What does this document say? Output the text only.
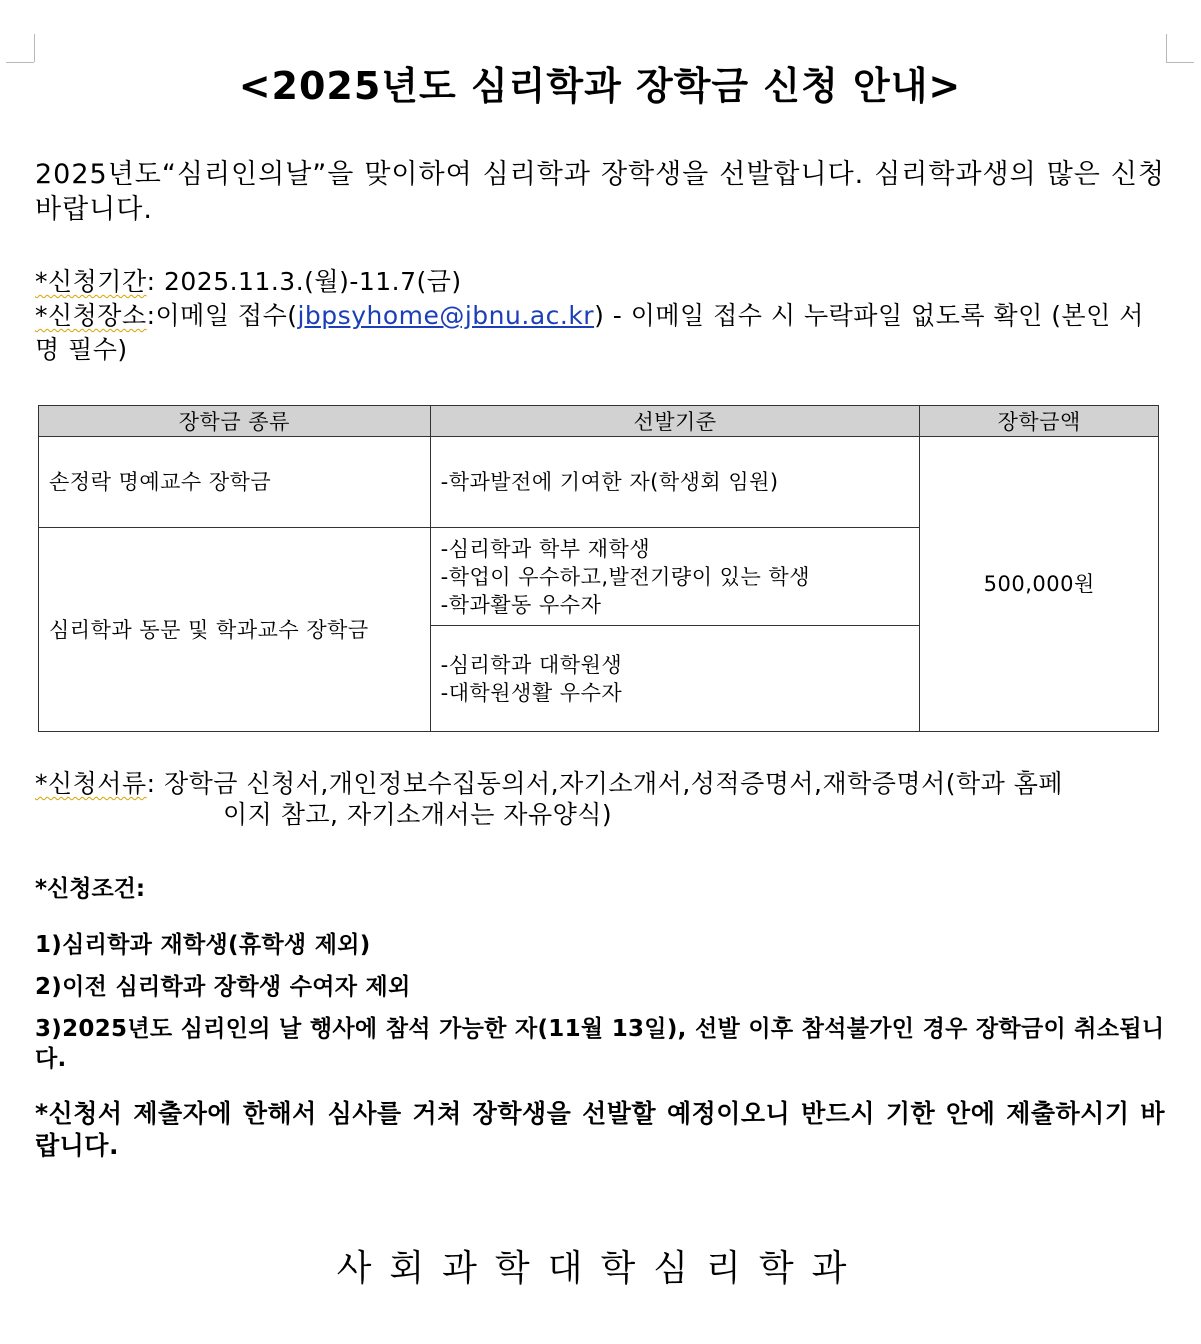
<2025년도 심리학과 장학금 신청 안내>
2025년도“심리인의날”을 맞이하여 심리학과 장학생을 선발합니다. 심리학과생의 많은 신청 바랍니다.
*신청기간: 2025.11.3.(월)-11.7(금)
*신청장소:이메일 접수(jbpsyhome@jbnu.ac.kr) - 이메일 접수 시 누락파일 없도록 확인 (본인 서명 필수)
장학금 종류	선발기준	장학금액
손정락 명예교수 장학금	-학과발전에 기여한 자(학생회 임원)	500,000원
심리학과 동문 및 학과교수 장학금	-심리학과 학부 재학생
-학업이 우수하고,발전기량이 있는 학생
-학과활동 우수자	

	-심리학과 대학원생
-대학원생활 우수자	
*신청서류: 장학금 신청서,개인정보수집동의서,자기소개서,성적증명서,재학증명서(학과 홈페
이지 참고, 자기소개서는 자유양식)
*신청조건:
1)심리학과 재학생(휴학생 제외)
2)이전 심리학과 장학생 수여자 제외
3)2025년도 심리인의 날 행사에 참석 가능한 자(11월 13일), 선발 이후 참석불가인 경우 장학금이 취소됩니다.
*신청서 제출자에 한해서 심사를 거쳐 장학생을 선발할 예정이오니 반드시 기한 안에 제출하시기 바랍니다.
사회과학대학심리학과
